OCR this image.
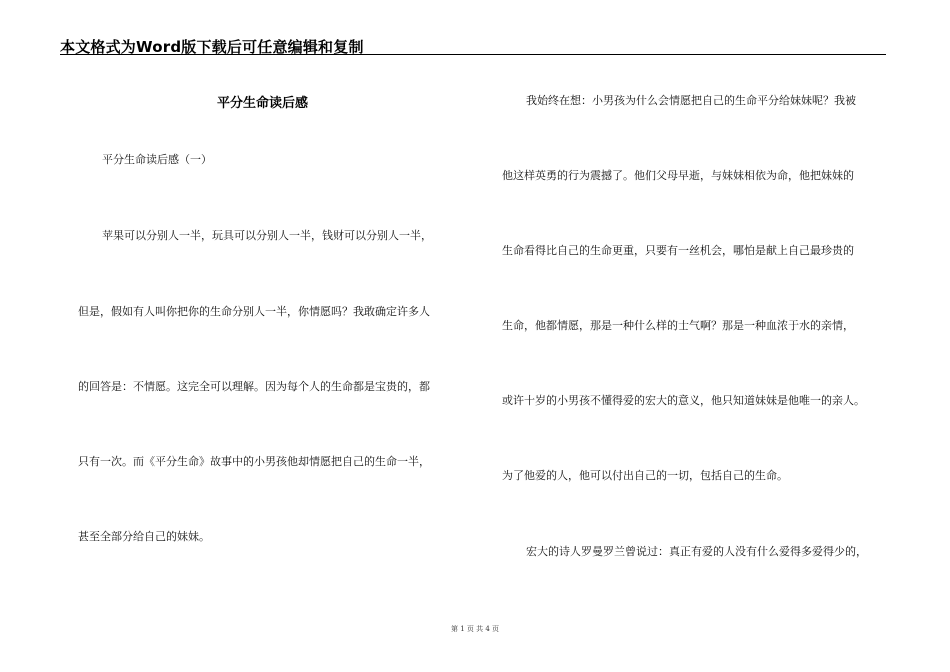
本文格式为Word版下载后可任意编辑和复制
平分生命读后感
平分生命读后感（一）
苹果可以分别人一半，玩具可以分别人一半，钱财可以分别人一半，
但是，假如有人叫你把你的生命分别人一半，你情愿吗？我敢确定许多人
的回答是：不情愿。这完全可以理解。因为每个人的生命都是宝贵的，都
只有一次。而《平分生命》故事中的小男孩他却情愿把自己的生命一半，
甚至全部分给自己的妹妹。
我始终在想：小男孩为什么会情愿把自己的生命平分给妹妹呢？我被
他这样英勇的行为震撼了。他们父母早逝，与妹妹相依为命，他把妹妹的
生命看得比自己的生命更重，只要有一丝机会，哪怕是献上自己最珍贵的
生命，他都情愿，那是一种什么样的士气啊？那是一种血浓于水的亲情，
或许十岁的小男孩不懂得爱的宏大的意义，他只知道妹妹是他唯一的亲人。
为了他爱的人，他可以付出自己的一切，包括自己的生命。
宏大的诗人罗曼罗兰曾说过：真正有爱的人没有什么爱得多爱得少的，
第 1 页 共 4 页
